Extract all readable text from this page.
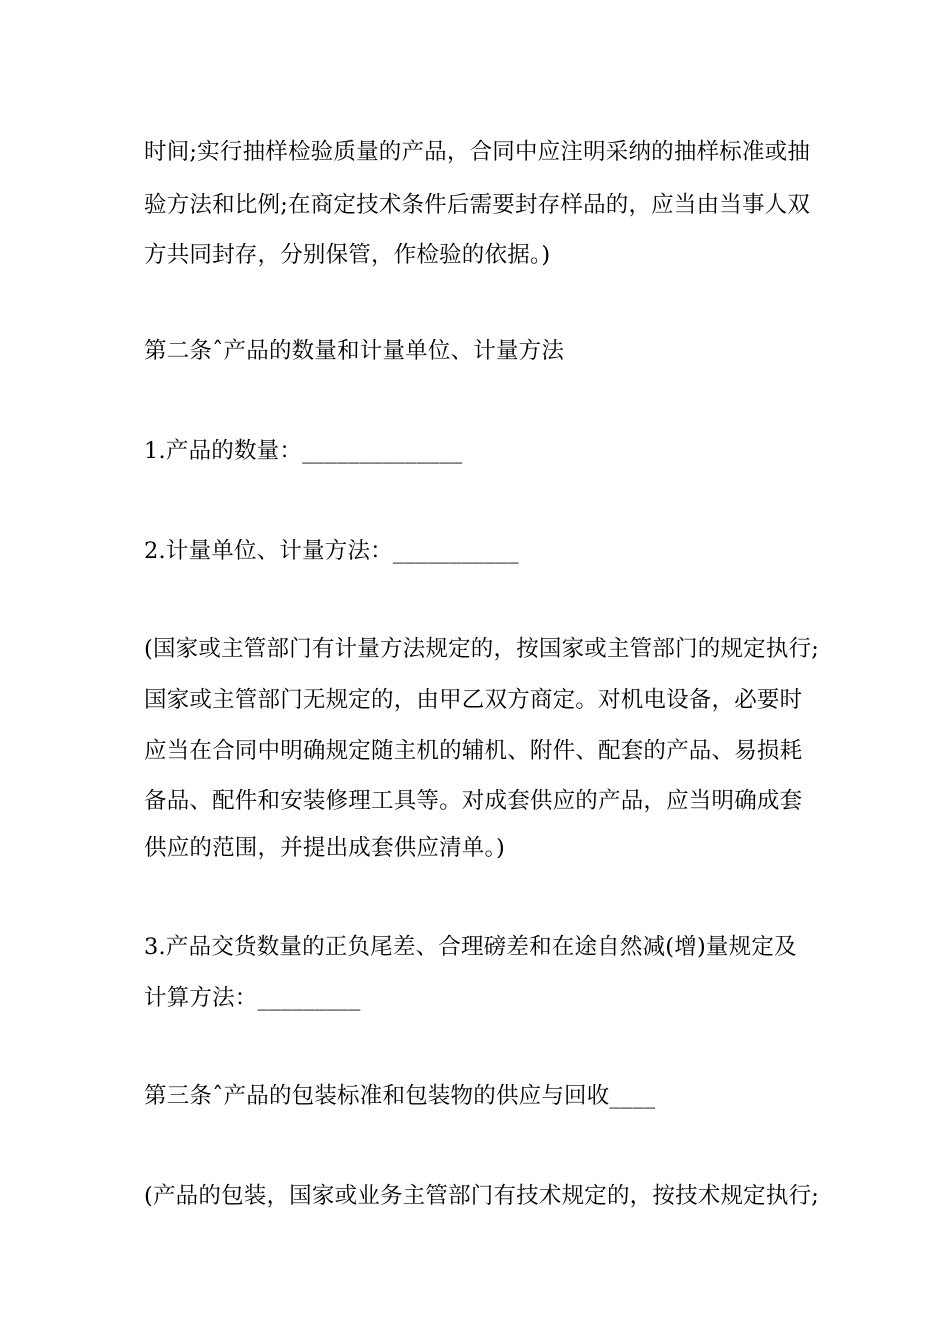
时间;实行抽样检验质量的产品，合同中应注明采纳的抽样标准或抽
验方法和比例;在商定技术条件后需要封存样品的，应当由当事人双
方共同封存，分别保管，作检验的依据。)
第二条ˆ产品的数量和计量单位、计量方法
1.产品的数量：______________
2.计量单位、计量方法：___________
(国家或主管部门有计量方法规定的，按国家或主管部门的规定执行;
国家或主管部门无规定的，由甲乙双方商定。对机电设备，必要时
应当在合同中明确规定随主机的辅机、附件、配套的产品、易损耗
备品、配件和安装修理工具等。对成套供应的产品，应当明确成套
供应的范围，并提出成套供应清单。)
3.产品交货数量的正负尾差、合理磅差和在途自然减(增)量规定及
计算方法：_________
第三条ˆ产品的包装标准和包装物的供应与回收____
(产品的包装，国家或业务主管部门有技术规定的，按技术规定执行;
